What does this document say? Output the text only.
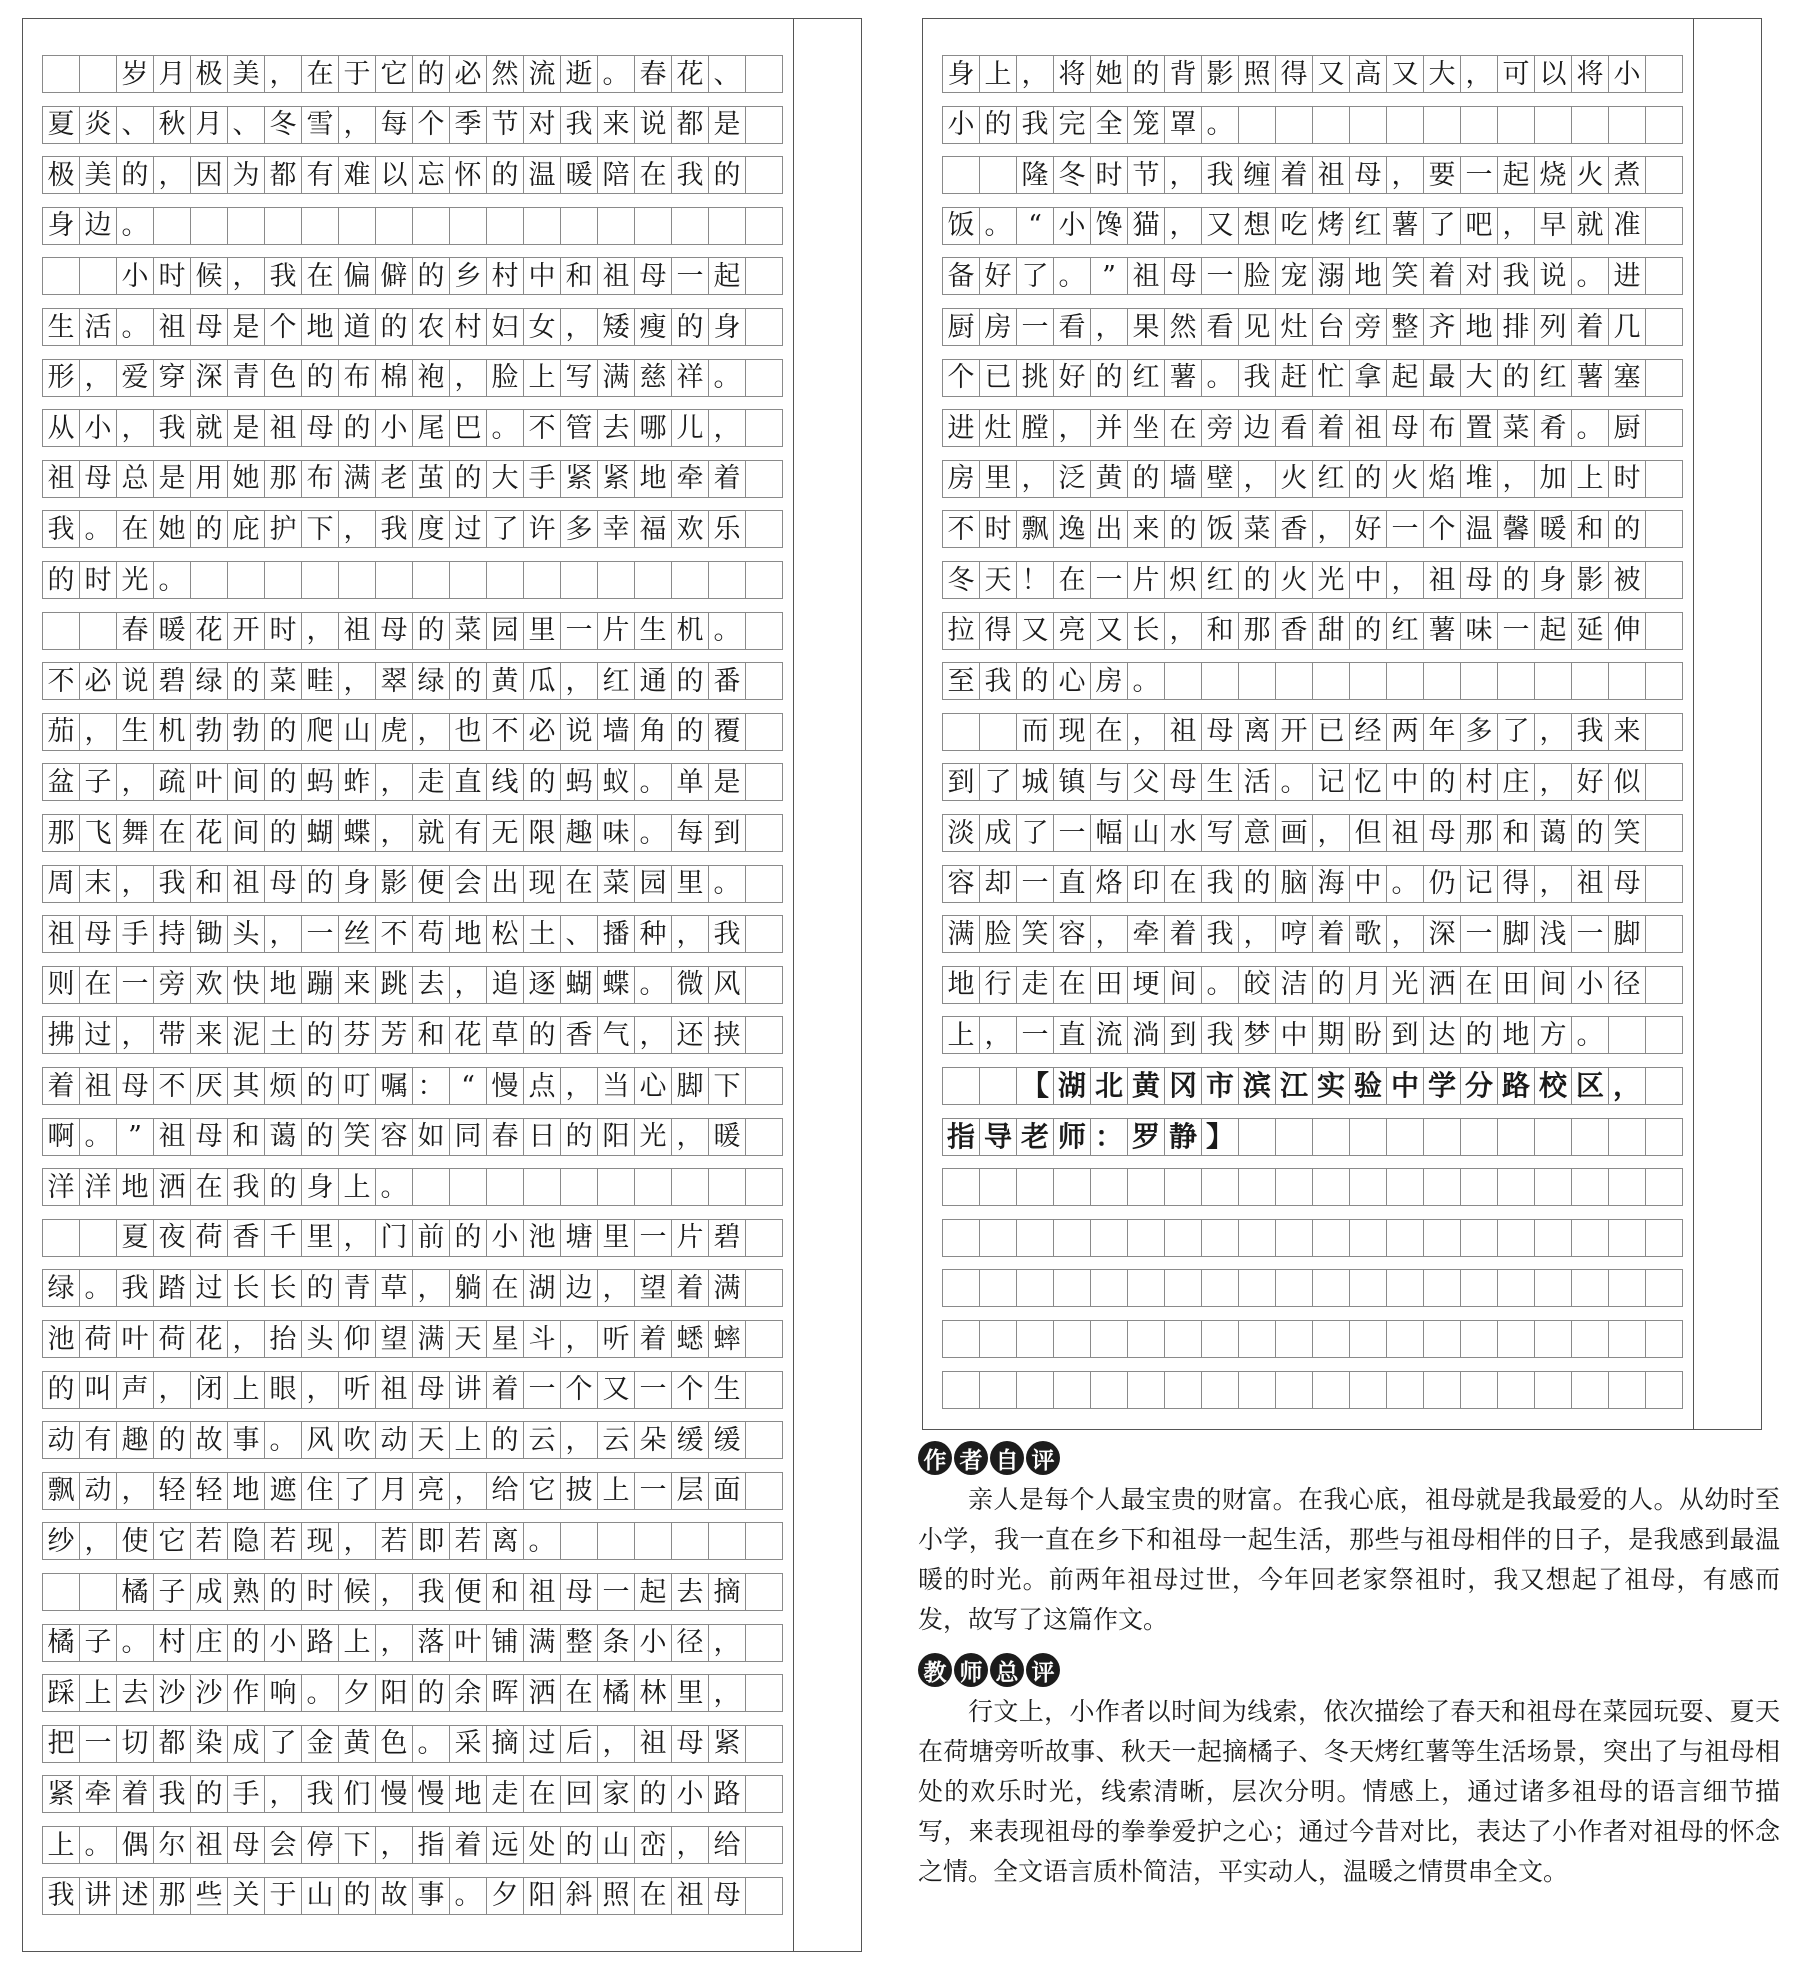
岁 月 极 美 ， 在 于 它 的 必 然 流 逝 。 春 花 、
夏 炎 、 秋 月 、 冬 雪 ， 每 个 季 节 对 我 来 说 都 是
极 美 的 ， 因 为 都 有 难 以 忘 怀 的 温 暖 陪 在 我 的
身 边 。
小 时 候 ， 我 在 偏 僻 的 乡 村 中 和 祖 母 一 起
生 活 。 祖 母 是 个 地 道 的 农 村 妇 女 ， 矮 瘦 的 身
形 ， 爱 穿 深 青 色 的 布 棉 袍 ， 脸 上 写 满 慈 祥 。
从 小 ， 我 就 是 祖 母 的 小 尾 巴 。 不 管 去 哪 儿 ，
祖 母 总 是 用 她 那 布 满 老 茧 的 大 手 紧 紧 地 牵 着
我 。 在 她 的 庇 护 下 ， 我 度 过 了 许 多 幸 福 欢 乐
的 时 光 。
春 暖 花 开 时 ， 祖 母 的 菜 园 里 一 片 生 机 。
不 必 说 碧 绿 的 菜 畦 ， 翠 绿 的 黄 瓜 ， 红 通 的 番
茄 ， 生 机 勃 勃 的 爬 山 虎 ， 也 不 必 说 墙 角 的 覆
盆 子 ， 疏 叶 间 的 蚂 蚱 ， 走 直 线 的 蚂 蚁 。 单 是
那 飞 舞 在 花 间 的 蝴 蝶 ， 就 有 无 限 趣 味 。 每 到
周 末 ， 我 和 祖 母 的 身 影 便 会 出 现 在 菜 园 里 。
祖 母 手 持 锄 头 ， 一 丝 不 苟 地 松 土 、 播 种 ， 我
则 在 一 旁 欢 快 地 蹦 来 跳 去 ， 追 逐 蝴 蝶 。 微 风
拂 过 ， 带 来 泥 土 的 芬 芳 和 花 草 的 香 气 ， 还 挟
着 祖 母 不 厌 其 烦 的 叮 嘱 ： “ 慢 点 ， 当 心 脚 下
啊 。 ” 祖 母 和 蔼 的 笑 容 如 同 春 日 的 阳 光 ， 暖
洋 洋 地 洒 在 我 的 身 上 。
夏 夜 荷 香 千 里 ， 门 前 的 小 池 塘 里 一 片 碧
绿 。 我 踏 过 长 长 的 青 草 ， 躺 在 湖 边 ， 望 着 满
池 荷 叶 荷 花 ， 抬 头 仰 望 满 天 星 斗 ， 听 着 蟋 蟀
的 叫 声 ， 闭 上 眼 ， 听 祖 母 讲 着 一 个 又 一 个 生
动 有 趣 的 故 事 。 风 吹 动 天 上 的 云 ， 云 朵 缓 缓
飘 动 ， 轻 轻 地 遮 住 了 月 亮 ， 给 它 披 上 一 层 面
纱 ， 使 它 若 隐 若 现 ， 若 即 若 离 。
橘 子 成 熟 的 时 候 ， 我 便 和 祖 母 一 起 去 摘
橘 子 。 村 庄 的 小 路 上 ， 落 叶 铺 满 整 条 小 径 ，
踩 上 去 沙 沙 作 响 。 夕 阳 的 余 晖 洒 在 橘 林 里 ，
把 一 切 都 染 成 了 金 黄 色 。 采 摘 过 后 ， 祖 母 紧
紧 牵 着 我 的 手 ， 我 们 慢 慢 地 走 在 回 家 的 小 路
上 。 偶 尔 祖 母 会 停 下 ， 指 着 远 处 的 山 峦 ， 给
我 讲 述 那 些 关 于 山 的 故 事 。 夕 阳 斜 照 在 祖 母
身 上 ， 将 她 的 背 影 照 得 又 高 又 大 ， 可 以 将 小
小 的 我 完 全 笼 罩 。
隆 冬 时 节 ， 我 缠 着 祖 母 ， 要 一 起 烧 火 煮
饭 。 “ 小 馋 猫 ， 又 想 吃 烤 红 薯 了 吧 ， 早 就 准
备 好 了 。 ” 祖 母 一 脸 宠 溺 地 笑 着 对 我 说 。 进
厨 房 一 看 ， 果 然 看 见 灶 台 旁 整 齐 地 排 列 着 几
个 已 挑 好 的 红 薯 。 我 赶 忙 拿 起 最 大 的 红 薯 塞
进 灶 膛 ， 并 坐 在 旁 边 看 着 祖 母 布 置 菜 肴 。 厨
房 里 ， 泛 黄 的 墙 壁 ， 火 红 的 火 焰 堆 ， 加 上 时
不 时 飘 逸 出 来 的 饭 菜 香 ， 好 一 个 温 馨 暖 和 的
冬 天 ！ 在 一 片 炽 红 的 火 光 中 ， 祖 母 的 身 影 被
拉 得 又 亮 又 长 ， 和 那 香 甜 的 红 薯 味 一 起 延 伸
至 我 的 心 房 。
而 现 在 ， 祖 母 离 开 已 经 两 年 多 了 ， 我 来
到 了 城 镇 与 父 母 生 活 。 记 忆 中 的 村 庄 ， 好 似
淡 成 了 一 幅 山 水 写 意 画 ， 但 祖 母 那 和 蔼 的 笑
容 却 一 直 烙 印 在 我 的 脑 海 中 。 仍 记 得 ， 祖 母
满 脸 笑 容 ， 牵 着 我 ， 哼 着 歌 ， 深 一 脚 浅 一 脚
地 行 走 在 田 埂 间 。 皎 洁 的 月 光 洒 在 田 间 小 径
上 ， 一 直 流 淌 到 我 梦 中 期 盼 到 达 的 地 方 。
【 湖 北 黄 冈 市 滨 江 实 验 中 学 分 路 校 区 ，
指 导 老 师 ： 罗 静 】
作 者 自 评

亲人是每个人最宝贵的财富。在我心底，祖母就是我最爱的人。从幼时至小学，我一直在乡下和祖母一起生活，那些与祖母相伴的日子，是我感到最温暖的时光。前两年祖母过世，今年回老家祭祖时，我又想起了祖母，有感而发，故写了这篇作文。

教 师 总 评

行文上，小作者以时间为线索，依次描绘了春天和祖母在菜园玩耍、夏天在荷塘旁听故事、秋天一起摘橘子、冬天烤红薯等生活场景，突出了与祖母相处的欢乐时光，线索清晰，层次分明。情感上，通过诸多祖母的语言细节描写，来表现祖母的拳拳爱护之心；通过今昔对比，表达了小作者对祖母的怀念之情。全文语言质朴简洁，平实动人，温暖之情贯串全文。
